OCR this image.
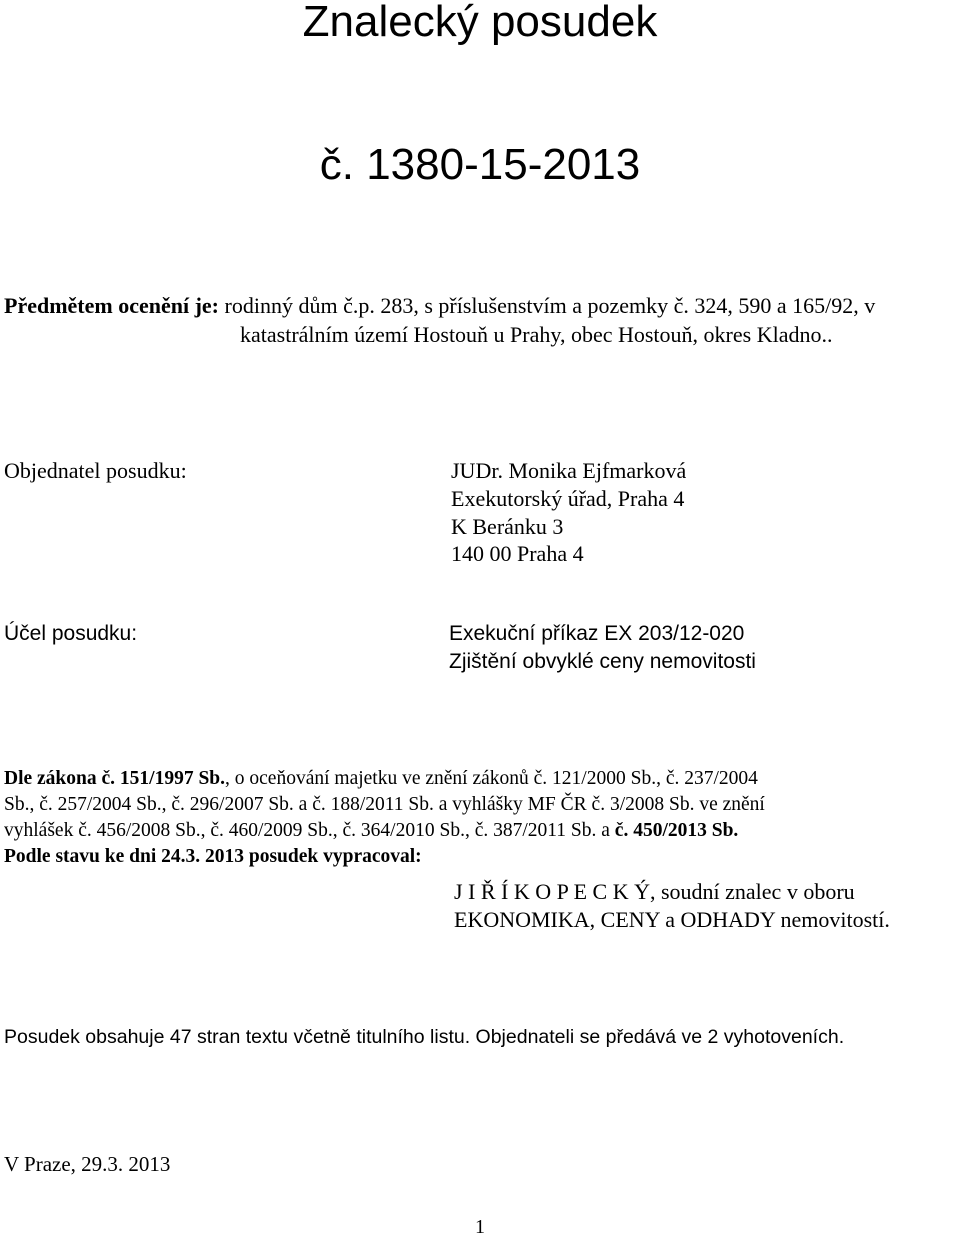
Znalecký posudek
č. 1380-15-2013
Předmětem ocenění je: rodinný dům č.p. 283, s příslušenstvím a pozemky č. 324, 590 a 165/92, v
katastrálním území Hostouň u Prahy, obec Hostouň, okres Kladno..
Objednatel posudku:	JUDr. Monika Ejfmarková
Exekutorský úřad, Praha 4
K Beránku 3
140 00 Praha 4
Účel posudku:	Exekuční příkaz EX 203/12-020
Zjištění obvyklé ceny nemovitosti
Dle zákona č. 151/1997 Sb., o oceňování majetku ve znění zákonů č. 121/2000 Sb., č. 237/2004
Sb., č. 257/2004 Sb., č. 296/2007 Sb. a č. 188/2011 Sb. a vyhlášky MF ČR č. 3/2008 Sb. ve znění
vyhlášek č. 456/2008 Sb., č. 460/2009 Sb., č. 364/2010 Sb., č. 387/2011 Sb. a č. 450/2013 Sb.
Podle stavu ke dni 24.3. 2013 posudek vypracoval:
J I Ř Í K O P E C K Ý, soudní znalec v oboru
EKONOMIKA, CENY a ODHADY nemovitostí.
Posudek obsahuje 47 stran textu včetně titulního listu. Objednateli se předává ve 2 vyhotoveních.
V Praze, 29.3. 2013
1
